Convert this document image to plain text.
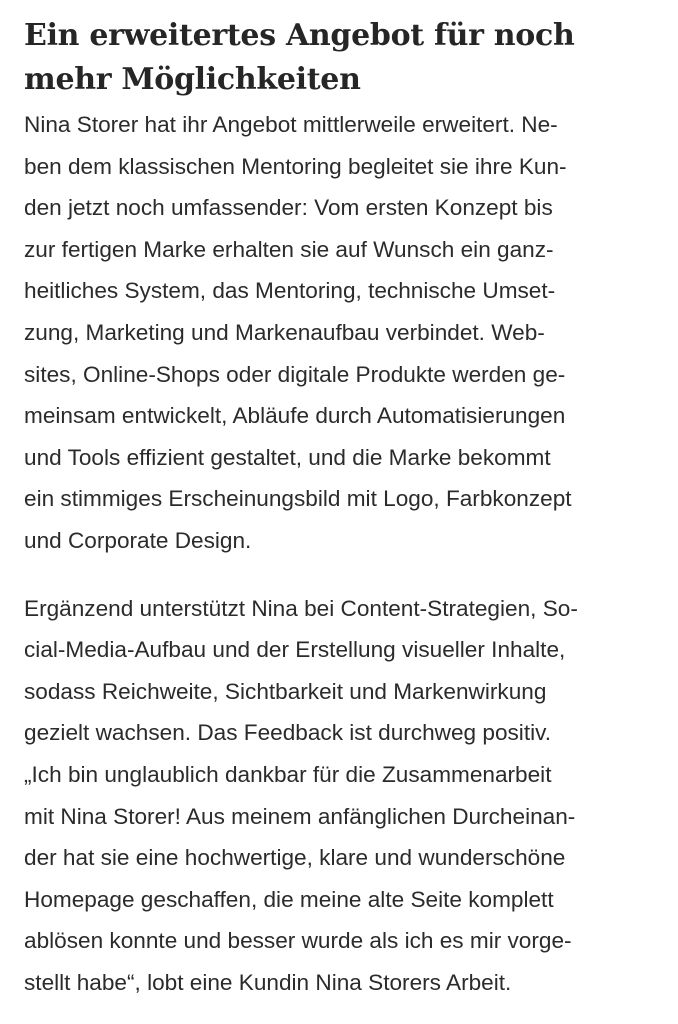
Ein erweitertes Angebot für noch
mehr Möglichkeiten

Nina Storer hat ihr Angebot mittlerweile erweitert. Ne-
ben dem klassischen Mentoring begleitet sie ihre Kun-
den jetzt noch umfassender: Vom ersten Konzept bis
zur fertigen Marke erhalten sie auf Wunsch ein ganz-
heitliches System, das Mentoring, technische Umset-
zung, Marketing und Markenaufbau verbindet. Web-
sites, Online-Shops oder digitale Produkte werden ge-
meinsam entwickelt, Abläufe durch Automatisierungen
und Tools effizient gestaltet, und die Marke bekommt
ein stimmiges Erscheinungsbild mit Logo, Farbkonzept
und Corporate Design.

Ergänzend unterstützt Nina bei Content-Strategien, So-
cial-Media-Aufbau und der Erstellung visueller Inhalte,
sodass Reichweite, Sichtbarkeit und Markenwirkung
gezielt wachsen. Das Feedback ist durchweg positiv.
„Ich bin unglaublich dankbar für die Zusammenarbeit
mit Nina Storer! Aus meinem anfänglichen Durcheinan-
der hat sie eine hochwertige, klare und wunderschöne
Homepage geschaffen, die meine alte Seite komplett
ablösen konnte und besser wurde als ich es mir vorge-
stellt habe“, lobt eine Kundin Nina Storers Arbeit.
